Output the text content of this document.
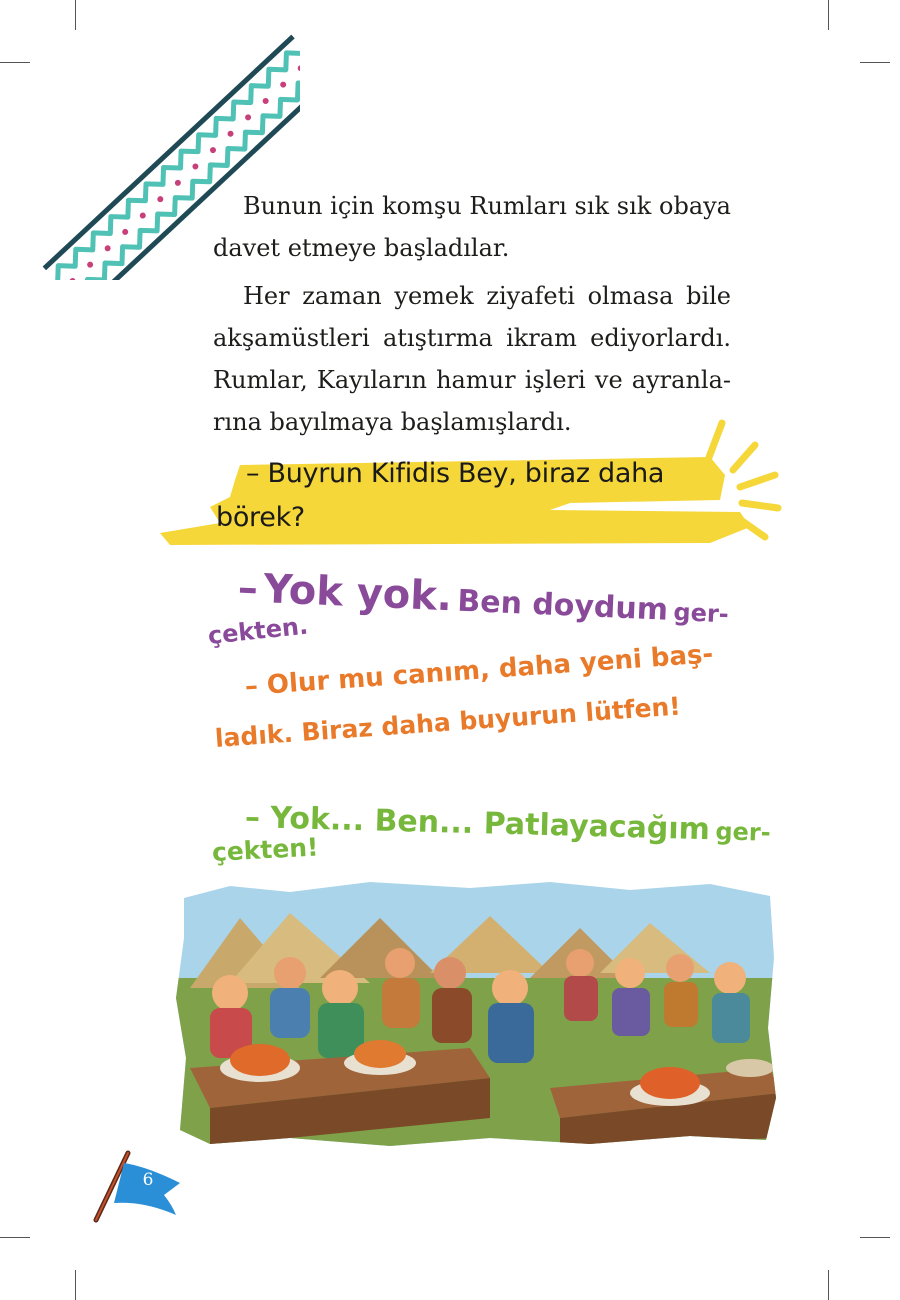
Bunun için komşu Rumları sık sık obaya
davet etmeye başladılar.
Her zaman yemek ziyafeti olmasa bile
akşamüstleri atıştırma ikram ediyorlardı.
Rumlar, Kayıların hamur işleri ve ayranla-
rına bayılmaya başlamışlardı.
– Buyrun Kifidis Bey, biraz daha
börek?
– Yok yok. Ben doydum ger-
çekten.
– Olur mu canım, daha yeni baş-
ladık. Biraz daha buyurun lütfen!
– Yok... Ben... Patlayacağım ger-
çekten!
6
